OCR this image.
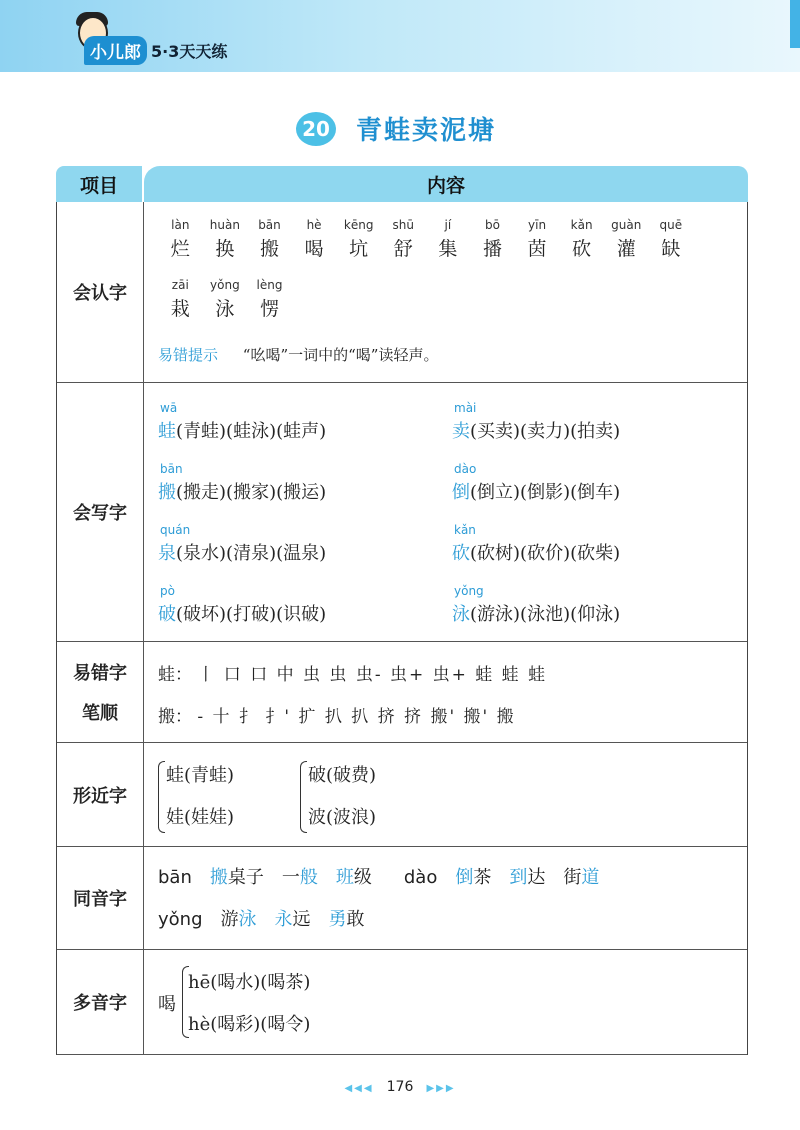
小儿郎 5·3天天练
20 青蛙卖泥塘
项目	内容
会认字
làn
烂
huàn
换
bān
搬
hè
喝
kēng
坑
shū
舒
jí
集
bō
播
yīn
茵
kǎn
砍
guàn
灌
quē
缺
zāi
栽
yǒng
泳
lèng
愣
易错提示 “吆喝”一词中的“喝”读轻声。
会写字
wā
蛙(青蛙)(蛙泳)(蛙声)
mài
卖(买卖)(卖力)(拍卖)
bān
搬(搬走)(搬家)(搬运)
dào
倒(倒立)(倒影)(倒车)
quán
泉(泉水)(清泉)(温泉)
kǎn
砍(砍树)(砍价)(砍柴)
pò
破(破坏)(打破)(识破)
yǒng
泳(游泳)(泳池)(仰泳)
易错字
笔顺
蛙： 丨 口 口 中 虫 虫 虫- 虫+ 虫+ 蛙 蛙 蛙
搬： - 十 扌 扌' 扩 扒 扒 挤 挤 搬' 搬' 搬
形近字
蛙(青蛙)
娃(娃娃)
破(破费)
波(波浪)
同音字
bān 搬桌子 一般 班级 dào 倒茶 到达 街道
yǒng 游泳 永远 勇敢
多音字	喝
hē(喝水)(喝茶)
hè(喝彩)(喝令)
◀◀◀ 176 ▶▶▶
